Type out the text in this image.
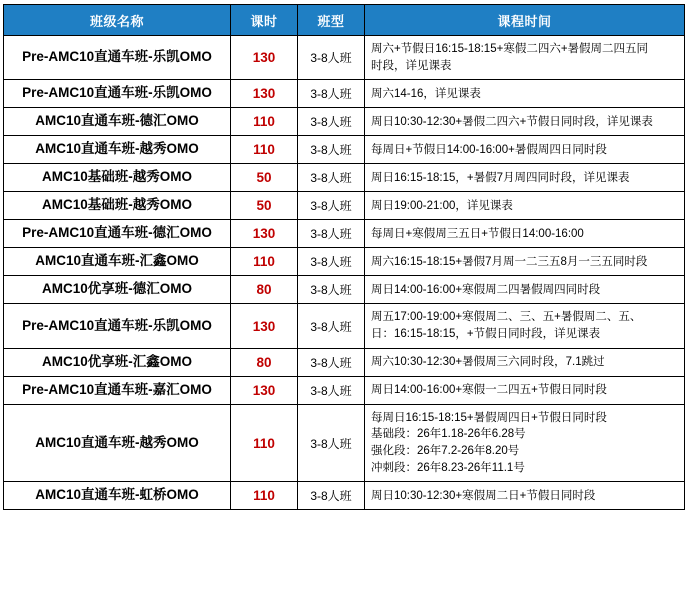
班级名称	课时	班型	课程时间
Pre-AMC10直通车班-乐凯OMO	130	3-8人班	周六+节假日16:15-18:15+寒假二四六+暑假周二四五同
时段，详见课表

Pre-AMC10直通车班-乐凯OMO	130	3-8人班	周六14-16，详见课表

AMC10直通车班-德汇OMO	110	3-8人班	周日10:30-12:30+暑假二四六+节假日同时段，详见课表

AMC10直通车班-越秀OMO	110	3-8人班	每周日+节假日14:00-16:00+暑假周四日同时段

AMC10基础班-越秀OMO	50	3-8人班	周日16:15-18:15，+暑假7月周四同时段，详见课表

AMC10基础班-越秀OMO	50	3-8人班	周日19:00-21:00，详见课表

Pre-AMC10直通车班-德汇OMO	130	3-8人班	每周日+寒假周三五日+节假日14:00-16:00

AMC10直通车班-汇鑫OMO	110	3-8人班	周六16:15-18:15+暑假7月周一二三五8月一三五同时段

AMC10优享班-德汇OMO	80	3-8人班	周日14:00-16:00+寒假周二四暑假周四同时段

Pre-AMC10直通车班-乐凯OMO	130	3-8人班	周五17:00-19:00+寒假周二、三、五+暑假周二、五、
日：16:15-18:15，+节假日同时段，详见课表

AMC10优享班-汇鑫OMO	80	3-8人班	周六10:30-12:30+暑假周三六同时段，7.1跳过

Pre-AMC10直通车班-嘉汇OMO	130	3-8人班	周日14:00-16:00+寒假一二四五+节假日同时段

AMC10直通车班-越秀OMO	110	3-8人班	每周日16:15-18:15+暑假周四日+节假日同时段
基础段：26年1.18-26年6.28号
强化段：26年7.2-26年8.20号
冲刺段：26年8.23-26年11.1号

AMC10直通车班-虹桥OMO	110	3-8人班	周日10:30-12:30+寒假周二日+节假日同时段
